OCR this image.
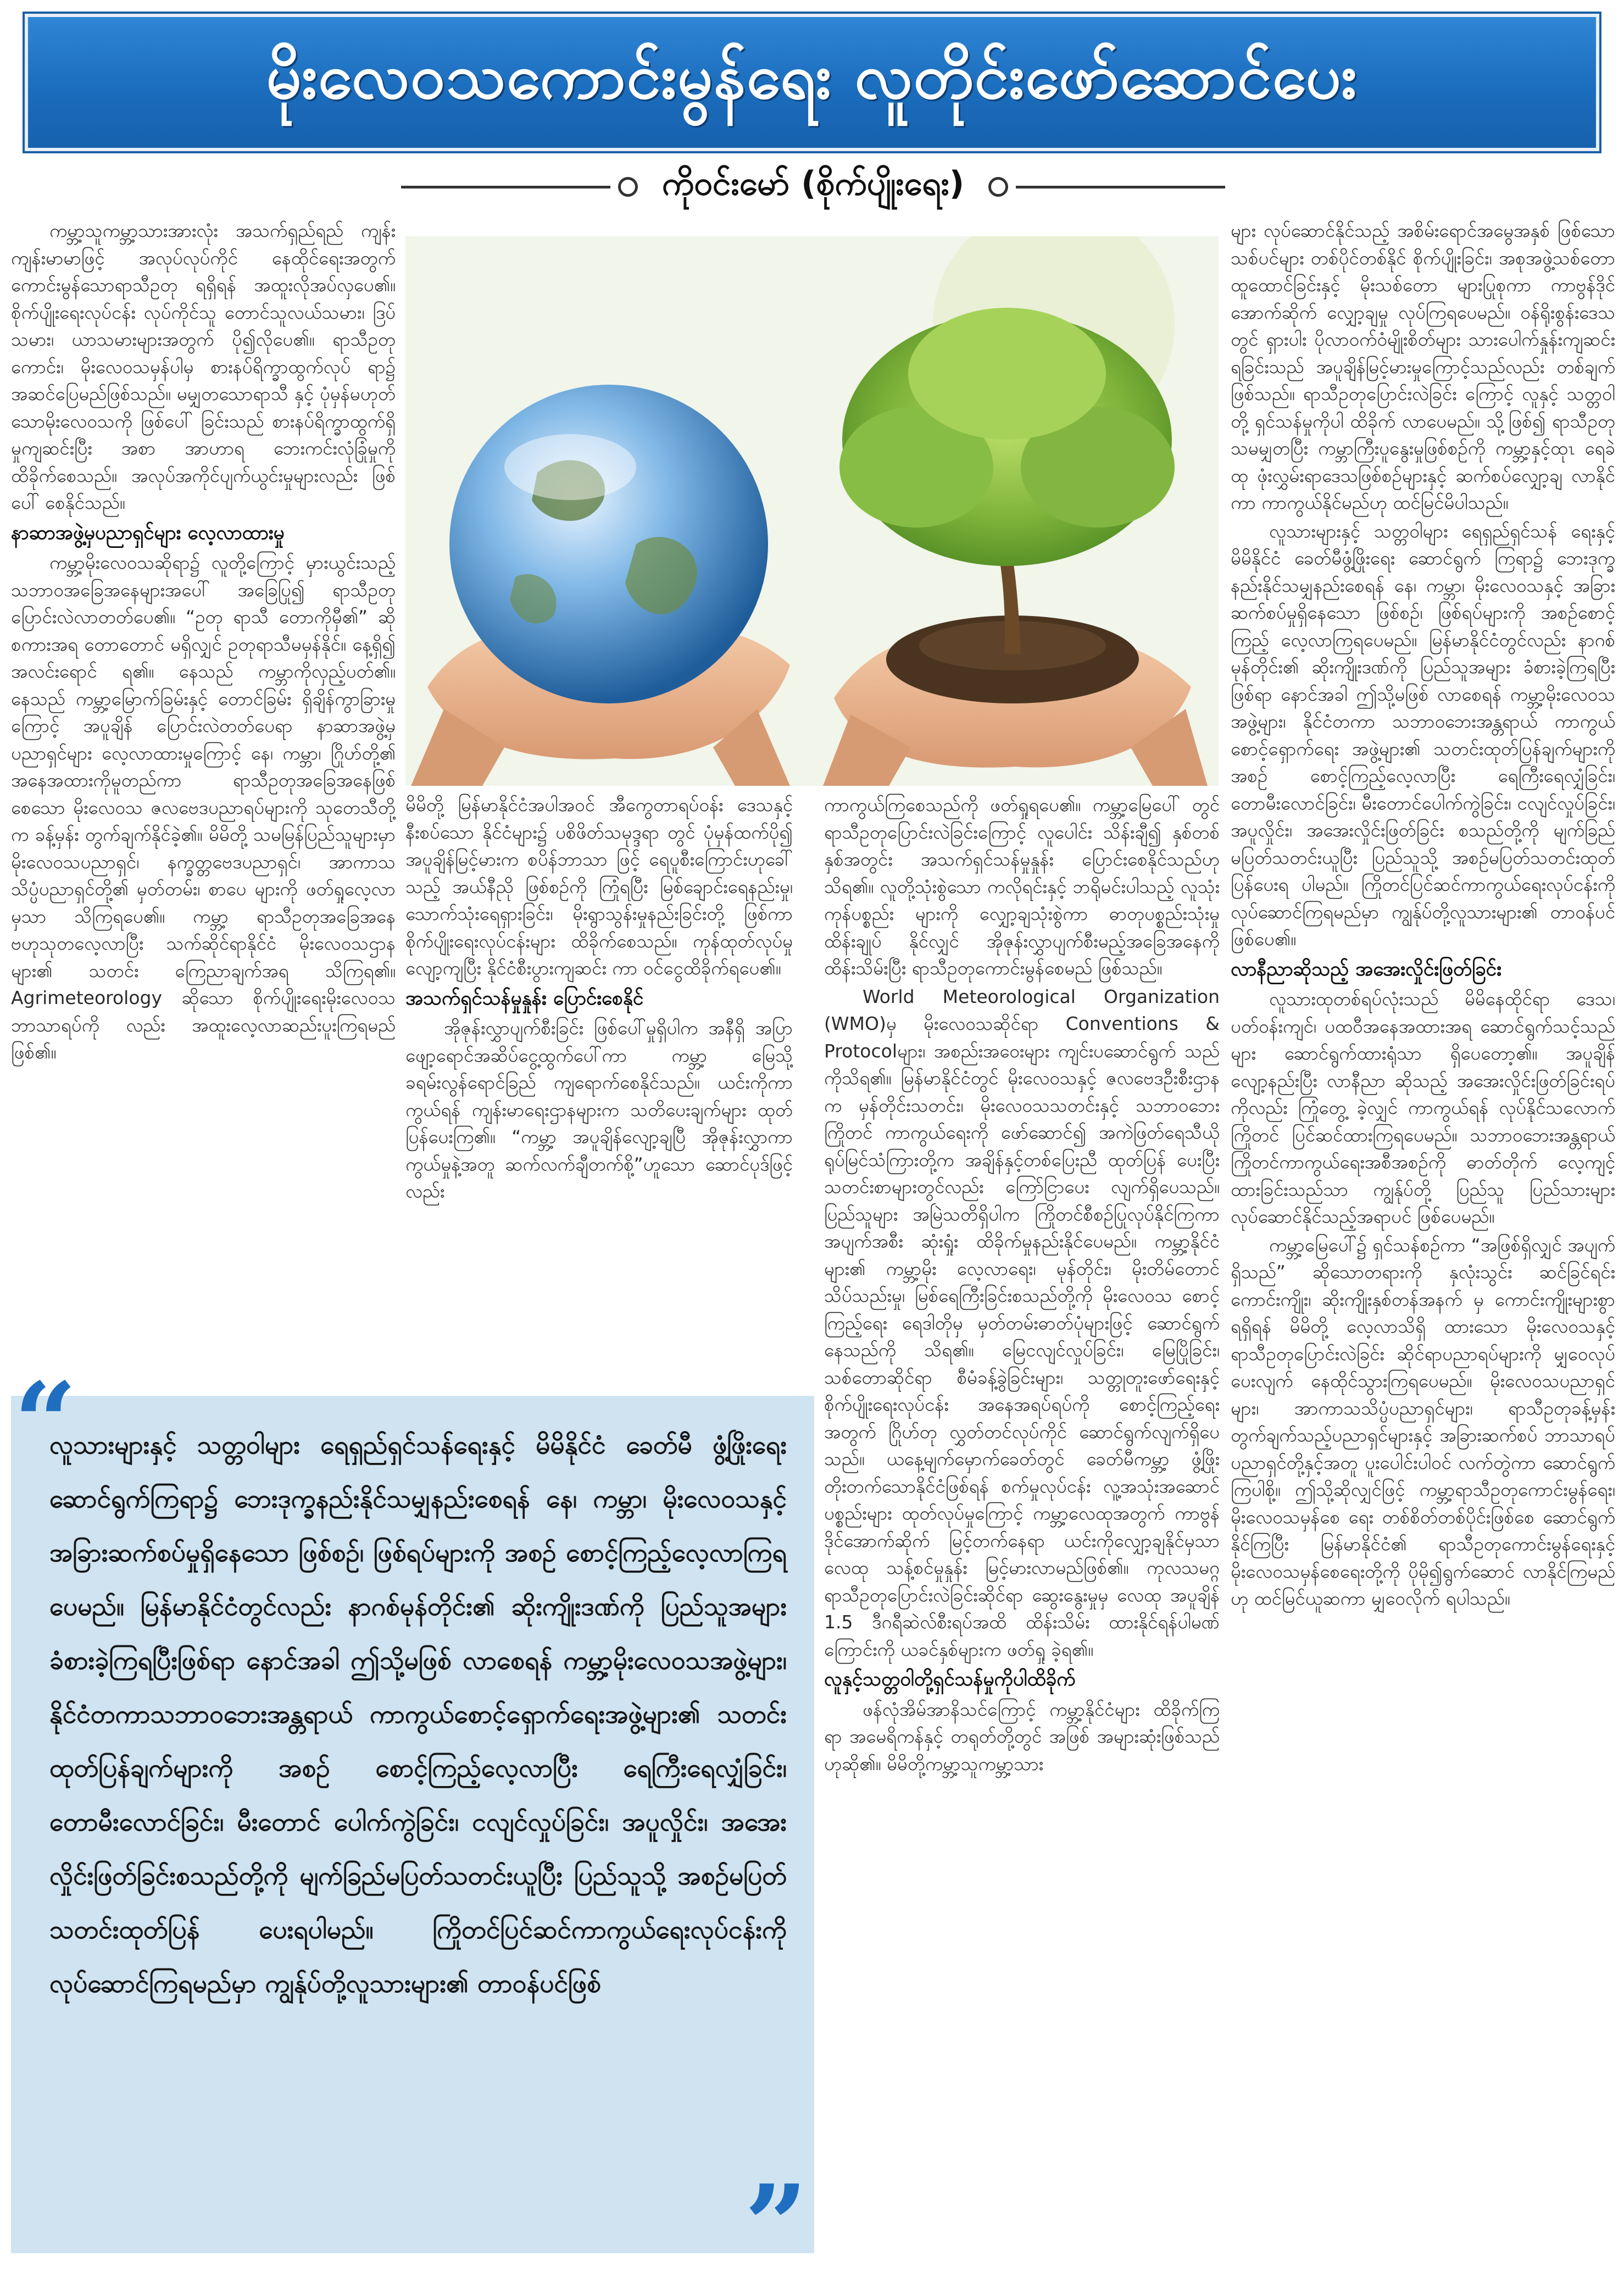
မိုးလေဝသကောင်းမွန်ရေး လူတိုင်းဖော်ဆောင်ပေး
ကိုဝင်းမော် (စိုက်ပျိုးရေး)

ကမ္ဘာ့သူကမ္ဘာ့သားအားလုံး အသက်ရှည်ရည် ကျန်းကျန်းမာမာဖြင့် အလုပ်လုပ်ကိုင် နေထိုင်ရေးအတွက် ကောင်းမွန်သောရာသီဥတု ရရှိရန် အထူးလိုအပ်လှပေ၏။ စိုက်ပျိုးရေးလုပ်ငန်း လုပ်ကိုင်သူ တောင်သူလယ်သမား၊ ဒြပ်သမား၊ ယာသမားများအတွက် ပို၍လိုပေ၏။ ရာသီဥတု ကောင်း၊ မိုးလေဝသမှန်ပါမှ စားနပ်ရိက္ခာထွက်လုပ် ရာ၌ အဆင်ပြေမည်ဖြစ်သည်။ မမျှတသောရာသီ နှင့် ပုံမှန်မဟုတ်သောမိုးလေဝသကို ဖြစ်ပေါ် ခြင်းသည် စားနပ်ရိက္ခာထွက်ရှိမှုကျဆင်းပြီး အစာ အာဟာရ ဘေးကင်းလုံခြုံမှုကို ထိခိုက်စေသည်။ အလုပ်အကိုင်ပျက်ယွင်းမှုများလည်း ဖြစ်ပေါ် စေနိုင်သည်။

နာဆာအဖွဲ့မှပညာရှင်များ လေ့လာထားမှု

ကမ္ဘာ့မိုးလေဝသဆိုရာ၌ လူတို့ကြောင့် မှားယွင်းသည့် သဘာဝအခြေအနေများအပေါ် အခြေပြု၍ ရာသီဥတုပြောင်းလဲလာတတ်ပေ၏။ “ဥတု ရာသီ တောကိုမှီ၏” ဆိုစကားအရ တောတောင် မရှိလျှင် ဥတုရာသီမမှန်နိုင်။ နေ့ရှိ၍ အလင်းရောင် ရ၏။ နေသည် ကမ္ဘာကိုလှည့်ပတ်၏။ နေသည် ကမ္ဘာ့မြောက်ခြမ်းနှင့် တောင်ခြမ်း ရှိချိန်ကွာခြားမှု ကြောင့် အပူချိန် ပြောင်းလဲတတ်ပေရာ နာဆာအဖွဲ့မှ ပညာရှင်များ လေ့လာထားမှုကြောင့် နေ၊ ကမ္ဘာ၊ ဂြိုဟ်တို့၏ အနေအထားကိုမူတည်ကာ ရာသီဥတုအခြေအနေဖြစ်စေသော မိုးလေဝသ ဇလဗေဒပညာရပ်များကို သုတေသီတို့က ခန့်မှန်း တွက်ချက်နိုင်ခဲ့၏။ မိမိတို့ သမမြန်ပြည်သူများမှာ မိုးလေဝသပညာရှင်၊ နက္ခတ္တဗေဒပညာရှင်၊ အာကာသသိပ္ပံပညာရှင်တို့၏ မှတ်တမ်း၊ စာပေ များကို ဖတ်ရှုလေ့လာမှသာ သိကြရပေ၏။ ကမ္ဘာ့ ရာသီဥတုအခြေအနေ ဗဟုသုတလေ့လာပြီး သက်ဆိုင်ရာနိုင်ငံ မိုးလေဝသဌာနများ၏ သတင်း ကြေညာချက်အရ သိကြရ၏။ Agrimeteorology ဆိုသော စိုက်ပျိုးရေးမိုးလေဝသဘာသာရပ်ကို လည်း အထူးလေ့လာဆည်းပူးကြရမည်ဖြစ်၏။

မိမိတို့ မြန်မာနိုင်ငံအပါအဝင် အီကွေတာရပ်ဝန်း ဒေသနှင့်နီးစပ်သော နိုင်ငံများ၌ ပစိဖိတ်သမုဒ္ဒရာ တွင် ပုံမှန်ထက်ပို၍ အပူချိန်မြင့်မားက စပိန်ဘာသာ ဖြင့် ရေပူစီးကြောင်းဟုခေါ်သည့် အယ်နီညို ဖြစ်စဉ်ကို ကြုံရပြီး မြစ်ချောင်းရေနည်းမှု၊ သောက်သုံးရေရှားခြင်း၊ မိုးရွာသွန်းမှုနည်းခြင်းတို့ ဖြစ်ကာ စိုက်ပျိုးရေးလုပ်ငန်းများ ထိခိုက်စေသည်။ ကုန်ထုတ်လုပ်မှုလျော့ကျပြီး နိုင်ငံစီးပွားကျဆင်း ကာ ဝင်ငွေထိခိုက်ရပေ၏။

အသက်ရှင်သန်မှုနှုန်း ပြောင်းစေနိုင်

အိုဇုန်းလွှာပျက်စီးခြင်း ဖြစ်ပေါ်မှုရှိပါက အနီရှိ အပြာဖျော့ရောင်အဆိပ်ငွေ့ထွက်ပေါ်ကာ ကမ္ဘာ့ မြေသို့ ခရမ်းလွန်ရောင်ခြည် ကျရောက်စေနိုင်သည်။ ယင်းကိုကာကွယ်ရန် ကျန်းမာရေးဌာနများက သတိပေးချက်များ ထုတ်ပြန်ပေးကြ၏။ “ကမ္ဘာ့ အပူချိန်လျော့ချပြီ အိုဇုန်းလွှာကာကွယ်မှုနဲ့အတူ ဆက်လက်ချီတက်စို့”ဟူသော ဆောင်ပုဒ်ဖြင့်လည်း

ကာကွယ်ကြစေသည်ကို ဖတ်ရှုရပေ၏။ ကမ္ဘာ့မြေပေါ် တွင် ရာသီဥတုပြောင်းလဲခြင်းကြောင့် လူပေါင်း သိန်းချီ၍ နှစ်တစ်နှစ်အတွင်း အသက်ရှင်သန်မှုနှုန်း ပြောင်းစေနိုင်သည်ဟု သိရ၏။ လူတို့သုံးစွဲသော ကလိုရင်းနှင့် ဘရိုမင်းပါသည့် လူသုံးကုန်ပစ္စည်း များကို လျှော့ချသုံးစွဲကာ ဓာတုပစ္စည်းသုံးမှုထိန်းချုပ် နိုင်လျှင် အိုဇုန်းလွှာပျက်စီးမည့်အခြေအနေကို ထိန်းသိမ်းပြီး ရာသီဥတုကောင်းမွန်စေမည် ဖြစ်သည်။

World Meteorological Organization (WMO)မှ မိုးလေဝသဆိုင်ရာ Conventions & Protocolများ၊ အစည်းအဝေးများ ကျင်းပဆောင်ရွက် သည်ကိုသိရ၏။ မြန်မာနိုင်ငံတွင် မိုးလေဝသနှင့် ဇလဗေဒဦးစီးဌာနက မှန်တိုင်းသတင်း၊ မိုးလေဝသသတင်းနှင့် သဘာဝဘေး ကြိုတင် ကာကွယ်ရေးကို ဖော်ဆောင်၍ အကဲဖြတ်ရေသီယို ရုပ်မြင်သံကြားတို့က အချိန်နှင့်တစ်ပြေးညီ ထုတ်ပြန် ပေးပြီး သတင်းစာများတွင်လည်း ကြော်ငြာပေး လျက်ရှိပေသည်။ ပြည်သူများ အမြဲသတိရှိပါက ကြိုတင်စီစဉ်ပြုလုပ်နိုင်ကြကာ အပျက်အစီး ဆုံးရှုံး ထိခိုက်မှုနည်းနိုင်ပေမည်။ ကမ္ဘာ့နိုင်ငံများ၏ ကမ္ဘာ့မိုး လေ့လာရေး၊ မုန်တိုင်း၊ မိုးတိမ်တောင်သိပ်သည်းမှု၊ မြစ်ရေကြီးခြင်းစသည်တို့ကို မိုးလေဝသ စောင့်ကြည့်ရေး ရေဒါတိုမှ မှတ်တမ်းဓာတ်ပုံများဖြင့် ဆောင်ရွက်နေသည်ကို သိရ၏။ မြေငလျင်လှုပ်ခြင်း၊ မြေပြိုခြင်း၊ သစ်တောဆိုင်ရာ စီမံခန့်ခွဲခြင်းများ၊ သတ္တုတူးဖော်ရေးနှင့် စိုက်ပျိုးရေးလုပ်ငန်း အနေအရပ်ရပ်ကို စောင့်ကြည့်ရေးအတွက် ဂြိုဟ်တု လွှတ်တင်လုပ်ကိုင် ဆောင်ရွက်လျက်ရှိပေသည်။ ယနေ့မျက်မှောက်ခေတ်တွင် ခေတ်မီကမ္ဘာ့ ဖွံ့ဖြိုး တိုးတက်သောနိုင်ငံဖြစ်ရန် စက်မှုလုပ်ငန်း လူ့အသုံးအဆောင်ပစ္စည်းများ ထုတ်လုပ်မှုကြောင့် ကမ္ဘာ့လေထုအတွက် ကာဗွန်ဒိုင်အောက်ဆိုက် မြင့်တက်နေရာ ယင်းကိုလျှော့ချနိုင်မှသာ လေထု သန့်စင်မှုနှုန်း မြင့်မားလာမည်ဖြစ်၏။ ကုလသမဂ္ဂ ရာသီဥတုပြောင်းလဲခြင်းဆိုင်ရာ ဆွေးနွေးမှုမှ လေထု အပူချိန် 1.5 ဒီဂရီဆဲလ်စီးရပ်အထိ ထိန်းသိမ်း ထားနိုင်ရန်ပါမဏ်ကြောင်းကို ယခင်နှစ်များက ဖတ်ရှု ခဲ့ရ၏။

လူနှင့်သတ္တဝါတို့ရှင်သန်မှုကိုပါထိခိုက်

ဖန်လုံအိမ်အာနိသင်ကြောင့် ကမ္ဘာ့နိုင်ငံများ ထိခိုက်ကြရာ အမေရိကန်နှင့် တရုတ်တို့တွင် အဖြစ် အများဆုံးဖြစ်သည်ဟုဆို၏။ မိမိတို့ကမ္ဘာ့သူကမ္ဘာ့သား

များ လုပ်ဆောင်နိုင်သည့် အစိမ်းရောင်အမွေအနှစ် ဖြစ်သော သစ်ပင်များ တစ်ပိုင်တစ်နိုင် စိုက်ပျိုးခြင်း၊ အစုအဖွဲ့သစ်တောထူထောင်ခြင်းနှင့် မိုးသစ်တော များပြုစုကာ ကာဗွန်ဒိုင်အောက်ဆိုက် လျှော့ချမှု လုပ်ကြရပေမည်။ ဝန်ရိုးစွန်းဒေသတွင် ရှားပါး ပိုလာဝက်ဝံမျိုးစိတ်များ သားပေါက်နှုန်းကျဆင်း ရခြင်းသည် အပူချိန်မြင့်မားမှုကြောင့်သည်လည်း တစ်ချက် ဖြစ်သည်။ ရာသီဥတုပြောင်းလဲခြင်း ကြောင့် လူနှင့် သတ္တဝါတို့ ရှင်သန်မှုကိုပါ ထိခိုက် လာပေမည်။ သို့ဖြစ်၍ ရာသီဥတု သမမျှတပြီး ကမ္ဘာကြီးပူနွေးမှုဖြစ်စဉ်ကို ကမ္ဘာ့နှင့်ထုၤ ရေခဲထု ဖုံးလွှမ်းရာဒေသဖြစ်စဉ်များနှင့် ဆက်စပ်လျှော့ချ လာနိုင်ကာ ကာကွယ်နိုင်မည်ဟု ထင်မြင်မိပါသည်။

လူသားများနှင့် သတ္တဝါများ ရေရှည်ရှင်သန် ရေးနှင့် မိမိနိုင်ငံ ခေတ်မီဖွံ့ဖြိုးရေး ဆောင်ရွက် ကြရာ၌ ဘေးဒုက္ခနည်းနိုင်သမျှနည်းစေရန် နေ၊ ကမ္ဘာ၊ မိုးလေဝသနှင့် အခြားဆက်စပ်မှုရှိနေသော ဖြစ်စဉ်၊ ဖြစ်ရပ်များကို အစဉ်စောင့်ကြည့် လေ့လာကြရပေမည်။ မြန်မာနိုင်ငံတွင်လည်း နာဂစ်မုန်တိုင်း၏ ဆိုးကျိုးဒဏ်ကို ပြည်သူအများ ခံစားခဲ့ကြရပြီးဖြစ်ရာ နောင်အခါ ဤသို့မဖြစ် လာစေရန် ကမ္ဘာ့မိုးလေဝသအဖွဲ့များ၊ နိုင်ငံတကာ သဘာဝဘေးအန္တရာယ် ကာကွယ်စောင့်ရှောက်ရေး အဖွဲ့များ၏ သတင်းထုတ်ပြန်ချက်များကို အစဉ် စောင့်ကြည့်လေ့လာပြီး ရေကြီးရေလျှံခြင်း၊ တောမီးလောင်ခြင်း၊ မီးတောင်ပေါက်ကွဲခြင်း၊ ငလျင်လှုပ်ခြင်း၊ အပူလှိုင်း၊ အအေးလှိုင်းဖြတ်ခြင်း စသည်တို့ကို မျက်ခြည်မပြတ်သတင်းယူပြီး ပြည်သူသို့ အစဉ်မပြတ်သတင်းထုတ်ပြန်ပေးရ ပါမည်။ ကြိုတင်ပြင်ဆင်ကာကွယ်ရေးလုပ်ငန်းကို လုပ်ဆောင်ကြရမည်မှာ ကျွန်ုပ်တို့လူသားများ၏ တာဝန်ပင်ဖြစ်ပေ၏။

လာနီညာဆိုသည့် အအေးလှိုင်းဖြတ်ခြင်း

လူသားထုတစ်ရပ်လုံးသည် မိမိနေထိုင်ရာ ဒေသ၊ ပတ်ဝန်းကျင်၊ ပထဝီအနေအထားအရ ဆောင်ရွက်သင့်သည်များ ဆောင်ရွက်ထားရုံသာ ရှိပေတော့၏။ အပူချိန်လျော့နည်းပြီး လာနီညာ ဆိုသည့် အအေးလှိုင်းဖြတ်ခြင်းရပ်ကိုလည်း ကြုံတွေ့ ခဲ့လျှင် ကာကွယ်ရန် လုပ်နိုင်သလောက် ကြိုတင် ပြင်ဆင်ထားကြရပေမည်။ သဘာဝဘေးအန္တရာယ် ကြိုတင်ကာကွယ်ရေးအစီအစဉ်ကို ဓာတ်တိုက် လေ့ကျင့်ထားခြင်းသည်သာ ကျွန်ုပ်တို့ ပြည်သူ ပြည်သားများ လုပ်ဆောင်နိုင်သည့်အရာပင် ဖြစ်ပေမည်။

ကမ္ဘာ့မြေပေါ်၌ ရှင်သန်စဉ်ကာ “အဖြစ်ရှိလျှင် အပျက်ရှိသည်” ဆိုသောတရားကို နှလုံးသွင်း ဆင်ခြင်ရင်း ကောင်းကျိုး၊ ဆိုးကျိုးနှစ်တန်အနက် မှ ကောင်းကျိုးများစွာရရှိရန် မိမိတို့ လေ့လာသိရှိ ထားသော မိုးလေဝသနှင့် ရာသီဥတုပြောင်းလဲခြင်း ဆိုင်ရာပညာရပ်များကို မျှဝေလုပ်ပေးလျက် နေထိုင်သွားကြရပေမည်။ မိုးလေဝသပညာရှင်များ၊ အာကာသသိပ္ပံပညာရှင်များ၊ ရာသီဥတုခန့်မှန်း တွက်ချက်သည့်ပညာရှင်များနှင့် အခြားဆက်စပ် ဘာသာရပ်ပညာရှင်တို့နှင့်အတူ ပူးပေါင်းပါဝင် လက်တွဲကာ ဆောင်ရွက်ကြပါစို့။ ဤသို့ဆိုလျှင်ဖြင့် ကမ္ဘာ့ရာသီဥတုကောင်းမွန်ရေး၊ မိုးလေဝသမှန်စေ ရေး တစ်စိတ်တစ်ပိုင်းဖြစ်စေ ဆောင်ရွက်နိုင်ကြပြီး မြန်မာနိုင်ငံ၏ ရာသီဥတုကောင်းမွန်ရေးနှင့် မိုးလေဝသမှန်စေရေးတို့ကို ပိုမို၍ရွက်ဆောင် လာနိုင်ကြမည်ဟု ထင်မြင်ယူဆကာ မျှဝေလိုက် ရပါသည်။

လူသားများနှင့် သတ္တဝါများ ရေရှည်ရှင်သန်ရေးနှင့် မိမိနိုင်ငံ ခေတ်မီ ဖွံ့ဖြိုးရေး ဆောင်ရွက်ကြရာ၌ ဘေးဒုက္ခနည်းနိုင်သမျှနည်းစေရန် နေ၊ ကမ္ဘာ၊ မိုးလေဝသနှင့် အခြားဆက်စပ်မှုရှိနေသော ဖြစ်စဉ်၊ ဖြစ်ရပ်များကို အစဉ် စောင့်ကြည့်လေ့လာကြရပေမည်။ မြန်မာနိုင်ငံတွင်လည်း နာဂစ်မုန်တိုင်း၏ ဆိုးကျိုးဒဏ်ကို ပြည်သူအများ ခံစားခဲ့ကြရပြီးဖြစ်ရာ နောင်အခါ ဤသို့မဖြစ် လာစေရန် ကမ္ဘာ့မိုးလေဝသအဖွဲ့များ၊ နိုင်ငံတကာသဘာဝဘေးအန္တရာယ် ကာကွယ်စောင့်ရှောက်ရေးအဖွဲ့များ၏ သတင်းထုတ်ပြန်ချက်များကို အစဉ် စောင့်ကြည့်လေ့လာပြီး ရေကြီးရေလျှံခြင်း၊ တောမီးလောင်ခြင်း၊ မီးတောင် ပေါက်ကွဲခြင်း၊ ငလျင်လှုပ်ခြင်း၊ အပူလှိုင်း၊ အအေးလှိုင်းဖြတ်ခြင်းစသည်တို့ကို မျက်ခြည်မပြတ်သတင်းယူပြီး ပြည်သူသို့ အစဉ်မပြတ် သတင်းထုတ်ပြန် ပေးရပါမည်။ ကြိုတင်ပြင်ဆင်ကာကွယ်ရေးလုပ်ငန်းကို လုပ်ဆောင်ကြရမည်မှာ ကျွန်ုပ်တို့လူသားများ၏ တာဝန်ပင်ဖြစ်
“
”
